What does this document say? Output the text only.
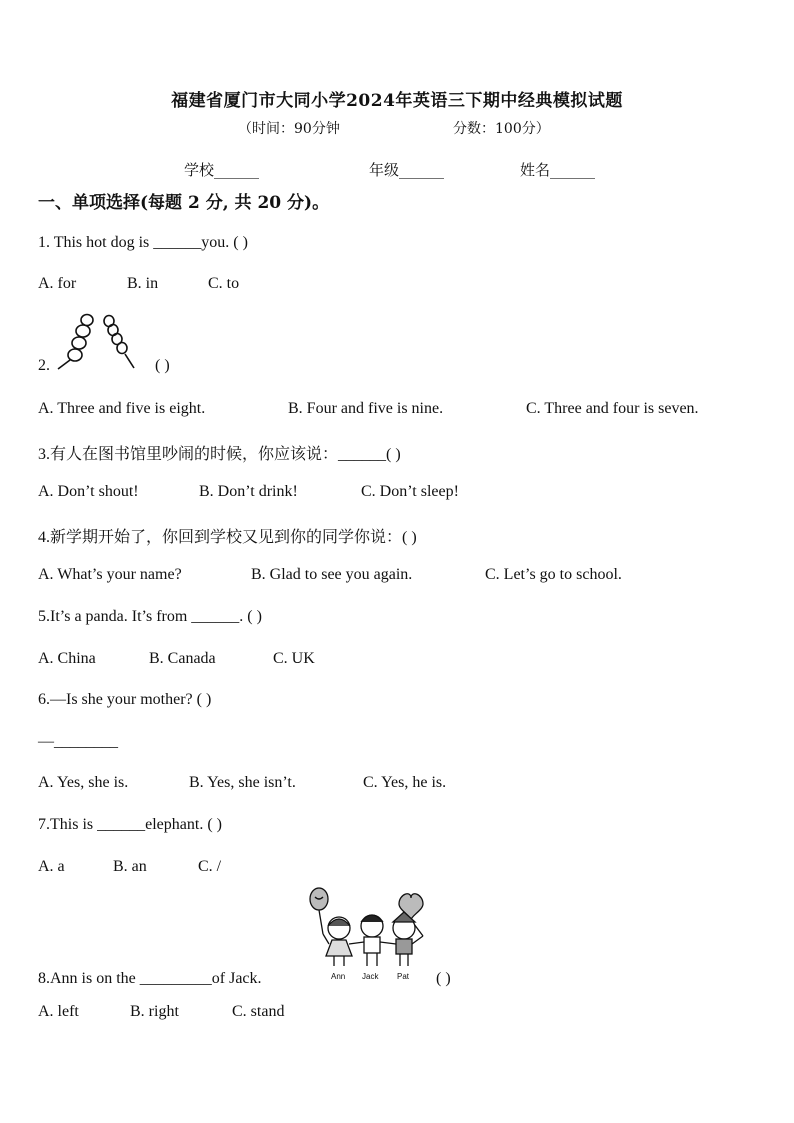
福建省厦门市大同小学2024年英语三下期中经典模拟试题
（时间：90分钟	分数：100分）
学校______	年级______	姓名______
一、单项选择(每题 2 分, 共 20 分)。
1. This hot dog is ______you. ( )
A. for	B. in	C. to
2.	( )
A. Three and five is eight.	B. Four and five is nine.	C. Three and four is seven.
3.有人在图书馆里吵闹的时候，你应该说：______( )
A. Don’t shout!	B. Don’t drink!	C. Don’t sleep!
4.新学期开始了，你回到学校又见到你的同学你说：( )
A. What’s your name?	B. Glad to see you again.	C. Let’s go to school.
5.It’s a panda. It’s from ______. ( )
A. China	B. Canada	C. UK
6.—Is she your mother? ( )
—________
A. Yes, she is.	B. Yes, she isn’t.	C. Yes, he is.
7.This is ______elephant. ( )
A. a	B. an	C. /
Ann Jack Pat
8.Ann is on the _________of Jack.	( )
A. left	B. right	C. stand
